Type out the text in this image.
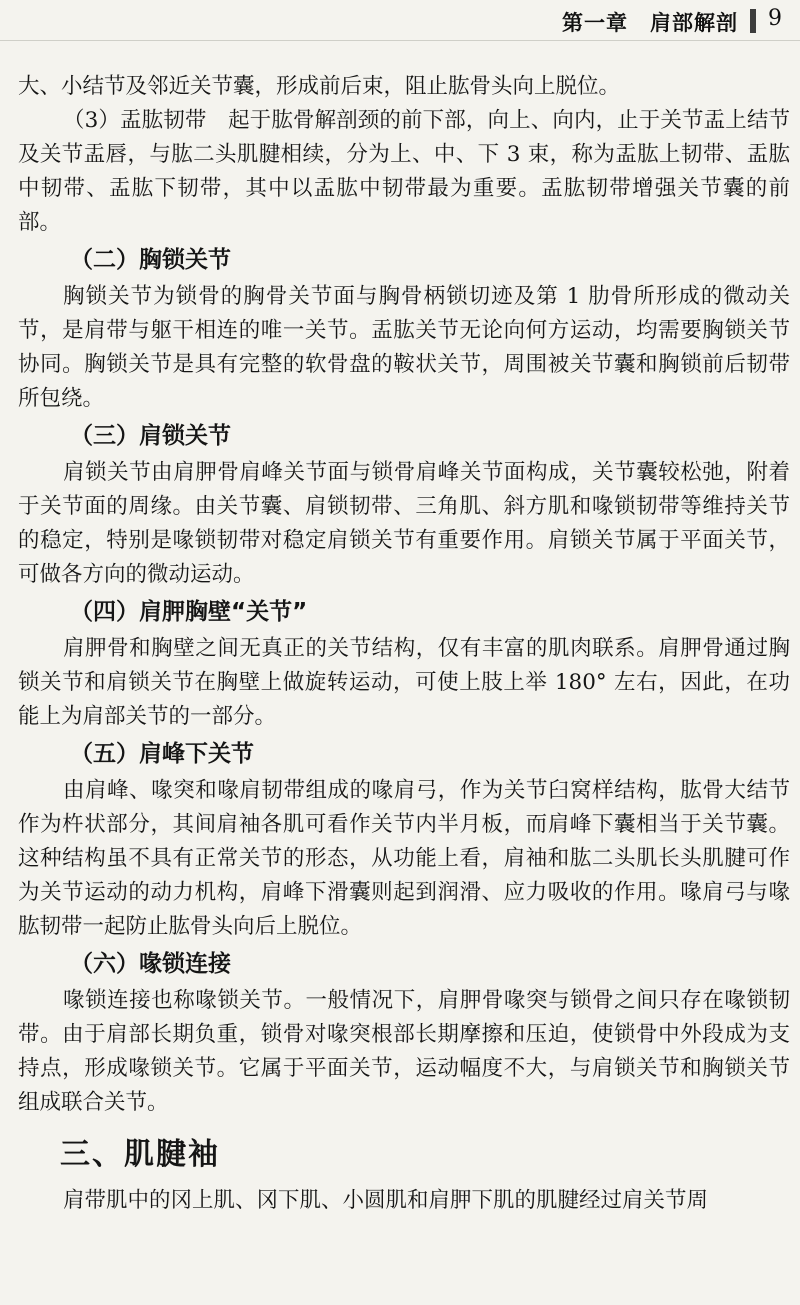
第一章　肩部解剖 9

大、小结节及邻近关节囊，形成前后束，阻止肱骨头向上脱位。

（3）盂肱韧带　起于肱骨解剖颈的前下部，向上、向内，止于关节盂上结节及关节盂唇，与肱二头肌腱相续，分为上、中、下 3 束，称为盂肱上韧带、盂肱中韧带、盂肱下韧带，其中以盂肱中韧带最为重要。盂肱韧带增强关节囊的前部。

（二）胸锁关节

胸锁关节为锁骨的胸骨关节面与胸骨柄锁切迹及第 1 肋骨所形成的微动关节，是肩带与躯干相连的唯一关节。盂肱关节无论向何方运动，均需要胸锁关节协同。胸锁关节是具有完整的软骨盘的鞍状关节，周围被关节囊和胸锁前后韧带所包绕。

（三）肩锁关节

肩锁关节由肩胛骨肩峰关节面与锁骨肩峰关节面构成，关节囊较松弛，附着于关节面的周缘。由关节囊、肩锁韧带、三角肌、斜方肌和喙锁韧带等维持关节的稳定，特别是喙锁韧带对稳定肩锁关节有重要作用。肩锁关节属于平面关节，可做各方向的微动运动。

（四）肩胛胸壁“关节”

肩胛骨和胸壁之间无真正的关节结构，仅有丰富的肌肉联系。肩胛骨通过胸锁关节和肩锁关节在胸壁上做旋转运动，可使上肢上举 180° 左右，因此，在功能上为肩部关节的一部分。

（五）肩峰下关节

由肩峰、喙突和喙肩韧带组成的喙肩弓，作为关节臼窝样结构，肱骨大结节作为杵状部分，其间肩袖各肌可看作关节内半月板，而肩峰下囊相当于关节囊。这种结构虽不具有正常关节的形态，从功能上看，肩袖和肱二头肌长头肌腱可作为关节运动的动力机构，肩峰下滑囊则起到润滑、应力吸收的作用。喙肩弓与喙肱韧带一起防止肱骨头向后上脱位。

（六）喙锁连接

喙锁连接也称喙锁关节。一般情况下，肩胛骨喙突与锁骨之间只存在喙锁韧带。由于肩部长期负重，锁骨对喙突根部长期摩擦和压迫，使锁骨中外段成为支持点，形成喙锁关节。它属于平面关节，运动幅度不大，与肩锁关节和胸锁关节组成联合关节。

三、肌腱袖

肩带肌中的冈上肌、冈下肌、小圆肌和肩胛下肌的肌腱经过肩关节周
